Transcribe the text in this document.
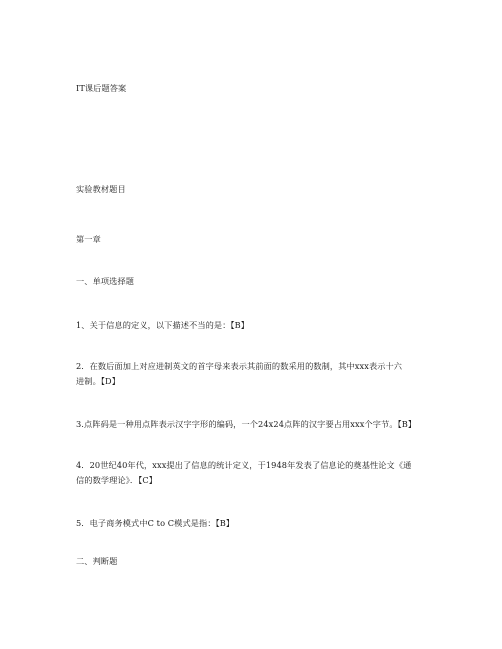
IT课后题答案
实验教材题目
第一章
一、单项选择题
1、关于信息的定义，以下描述不当的是：【B】
2．在数后面加上对应进制英文的首字母来表示其前面的数采用的数制，其中xxx表示十六
进制。【D】
3.点阵码是一种用点阵表示汉字字形的编码，一个24x24点阵的汉字要占用xxx个字节。【B】
4．20世纪40年代，xxx提出了信息的统计定义，于1948年发表了信息论的奠基性论文《通
信的数学理论》．【C】
5．电子商务模式中C to C模式是指：【B】
二、判断题
